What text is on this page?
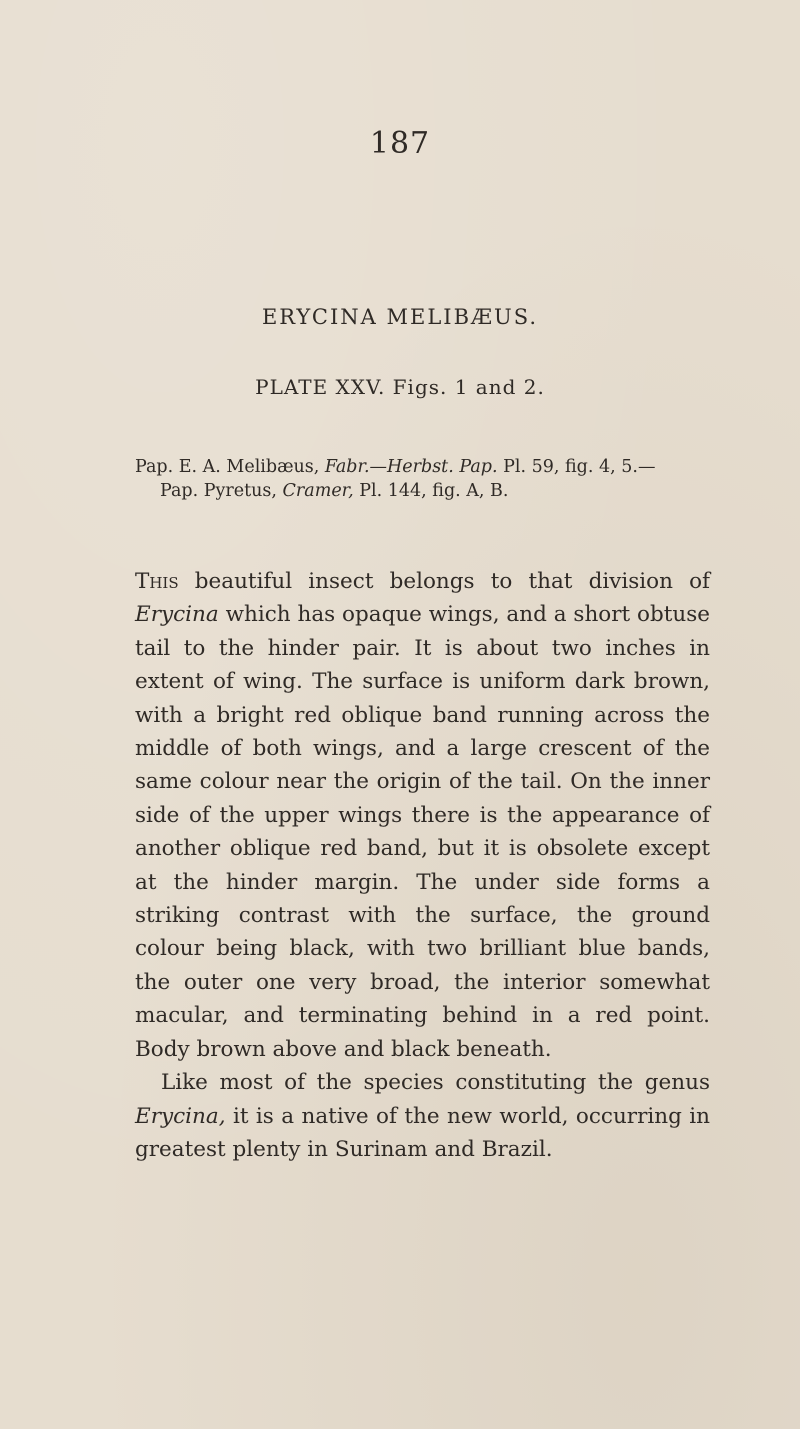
187
ERYCINA MELIBÆUS.
PLATE XXV. Figs. 1 and 2.
Pap. E. A. Melibæus, Fabr.—Herbst. Pap. Pl. 59, fig. 4, 5.—
Pap. Pyretus, Cramer, Pl. 144, fig. A, B.

This beautiful insect belongs to that division of Erycina which has opaque wings, and a short obtuse tail to the hinder pair. It is about two inches in extent of wing. The surface is uniform dark brown, with a bright red oblique band running across the middle of both wings, and a large crescent of the same colour near the origin of the tail. On the inner side of the upper wings there is the appearance of another oblique red band, but it is obsolete except at the hinder margin. The under side forms a striking contrast with the surface, the ground colour being black, with two brilliant blue bands, the outer one very broad, the interior somewhat macular, and terminating behind in a red point. Body brown above and black beneath.

Like most of the species constituting the genus Erycina, it is a native of the new world, occurring in greatest plenty in Surinam and Brazil.
